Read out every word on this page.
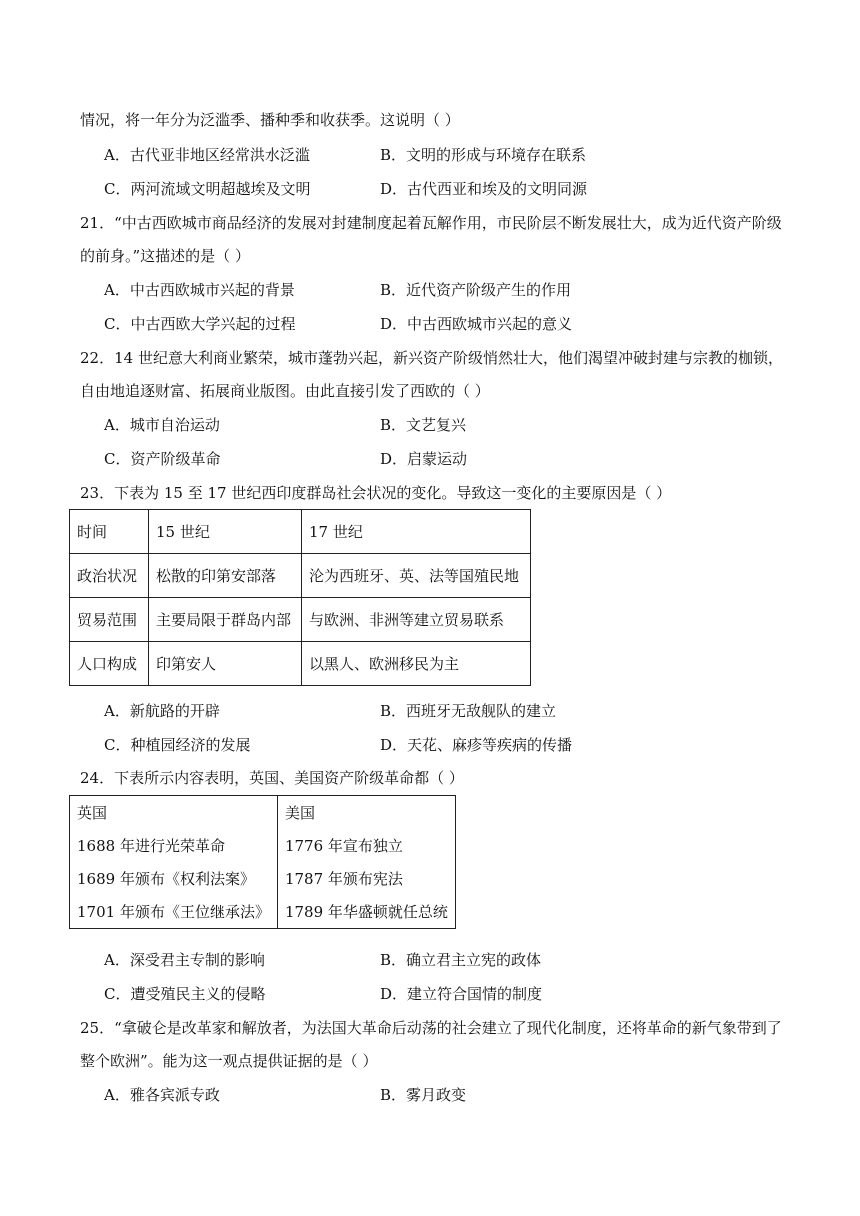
情况，将一年分为泛滥季、播种季和收获季。这说明（ ）
A．古代亚非地区经常洪水泛滥	B．文明的形成与环境存在联系
C．两河流域文明超越埃及文明	D．古代西亚和埃及的文明同源
21．“中古西欧城市商品经济的发展对封建制度起着瓦解作用，市民阶层不断发展壮大，成为近代资产阶级
的前身。”这描述的是（ ）
A．中古西欧城市兴起的背景	B．近代资产阶级产生的作用
C．中古西欧大学兴起的过程	D．中古西欧城市兴起的意义
22．14 世纪意大利商业繁荣，城市蓬勃兴起，新兴资产阶级悄然壮大，他们渴望冲破封建与宗教的枷锁，
自由地追逐财富、拓展商业版图。由此直接引发了西欧的（ ）
A．城市自治运动	B．文艺复兴
C．资产阶级革命	D．启蒙运动
23．下表为 15 至 17 世纪西印度群岛社会状况的变化。导致这一变化的主要原因是（ ）
时间	15 世纪	17 世纪
政治状况	松散的印第安部落	沦为西班牙、英、法等国殖民地
贸易范围	主要局限于群岛内部	与欧洲、非洲等建立贸易联系
人口构成	印第安人	以黑人、欧洲移民为主
A．新航路的开辟	B．西班牙无敌舰队的建立
C．种植园经济的发展	D．天花、麻疹等疾病的传播
24．下表所示内容表明，英国、美国资产阶级革命都（ ）
英国	美国
1688 年进行光荣革命	1776 年宣布独立
1689 年颁布《权利法案》	1787 年颁布宪法
1701 年颁布《王位继承法》	1789 年华盛顿就任总统
A．深受君主专制的影响	B．确立君主立宪的政体
C．遭受殖民主义的侵略	D．建立符合国情的制度
25．“拿破仑是改革家和解放者，为法国大革命后动荡的社会建立了现代化制度，还将革命的新气象带到了
整个欧洲”。能为这一观点提供证据的是（ ）
A．雅各宾派专政	B．雾月政变
